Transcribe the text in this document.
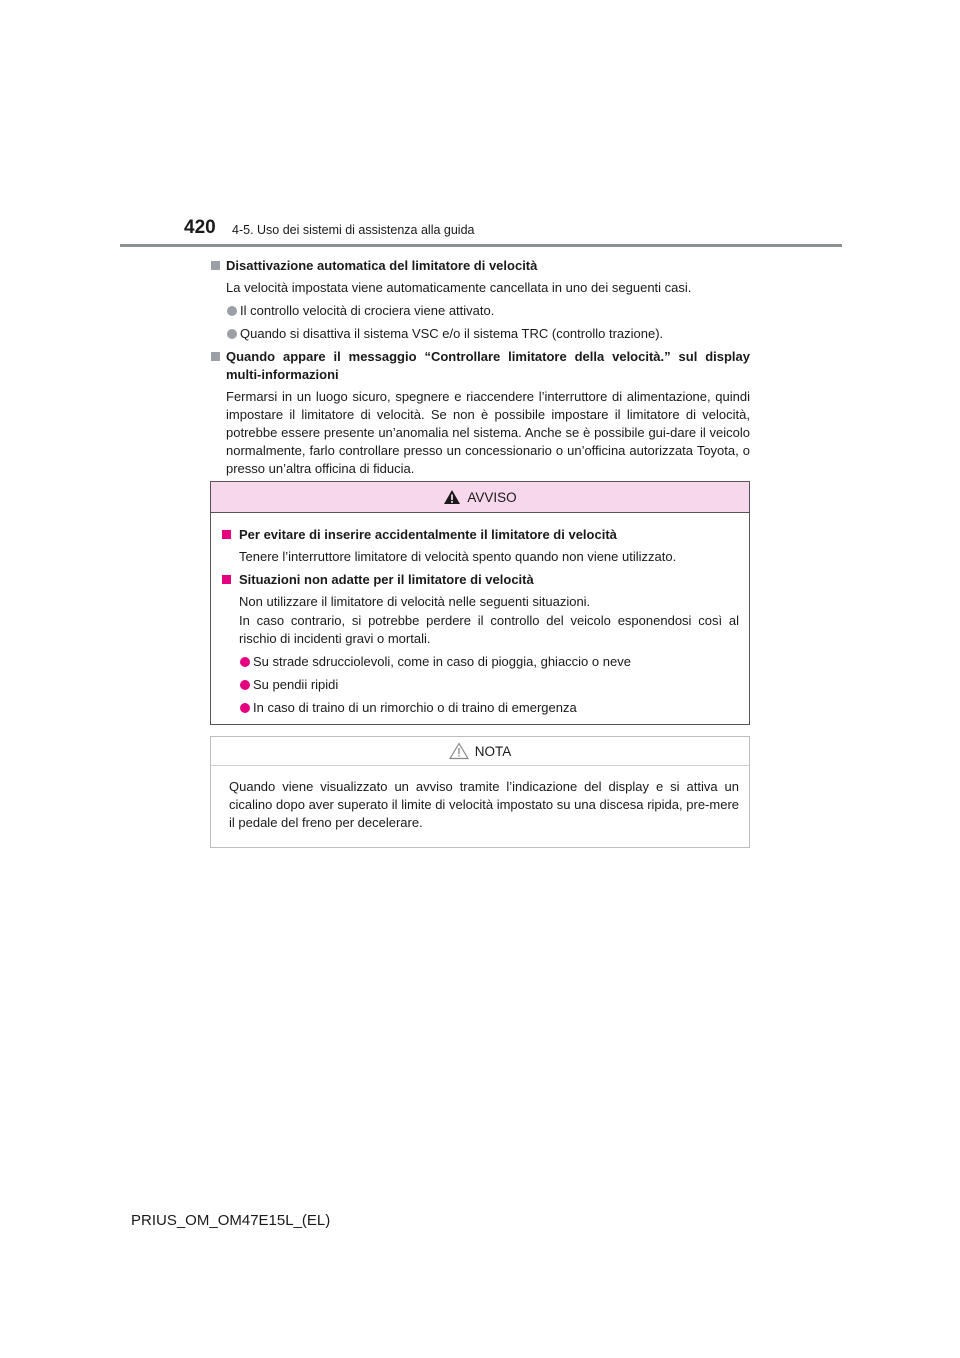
420 4-5. Uso dei sistemi di assistenza alla guida
Disattivazione automatica del limitatore di velocità
La velocità impostata viene automaticamente cancellata in uno dei seguenti casi.
Il controllo velocità di crociera viene attivato.
Quando si disattiva il sistema VSC e/o il sistema TRC (controllo trazione).
Quando appare il messaggio “Controllare limitatore della velocità.” sul display multi-informazioni
Fermarsi in un luogo sicuro, spegnere e riaccendere l’interruttore di alimentazione, quindi impostare il limitatore di velocità. Se non è possibile impostare il limitatore di velocità, potrebbe essere presente un’anomalia nel sistema. Anche se è possibile gui-dare il veicolo normalmente, farlo controllare presso un concessionario o un’officina autorizzata Toyota, o presso un’altra officina di fiducia.
AVVISO
Per evitare di inserire accidentalmente il limitatore di velocità
Tenere l’interruttore limitatore di velocità spento quando non viene utilizzato.
Situazioni non adatte per il limitatore di velocità
Non utilizzare il limitatore di velocità nelle seguenti situazioni.
In caso contrario, si potrebbe perdere il controllo del veicolo esponendosi così al rischio di incidenti gravi o mortali.
Su strade sdrucciolevoli, come in caso di pioggia, ghiaccio o neve
Su pendii ripidi
In caso di traino di un rimorchio o di traino di emergenza
NOTA
Quando viene visualizzato un avviso tramite l’indicazione del display e si attiva un cicalino dopo aver superato il limite di velocità impostato su una discesa ripida, pre-mere il pedale del freno per decelerare.
PRIUS_OM_OM47E15L_(EL)
